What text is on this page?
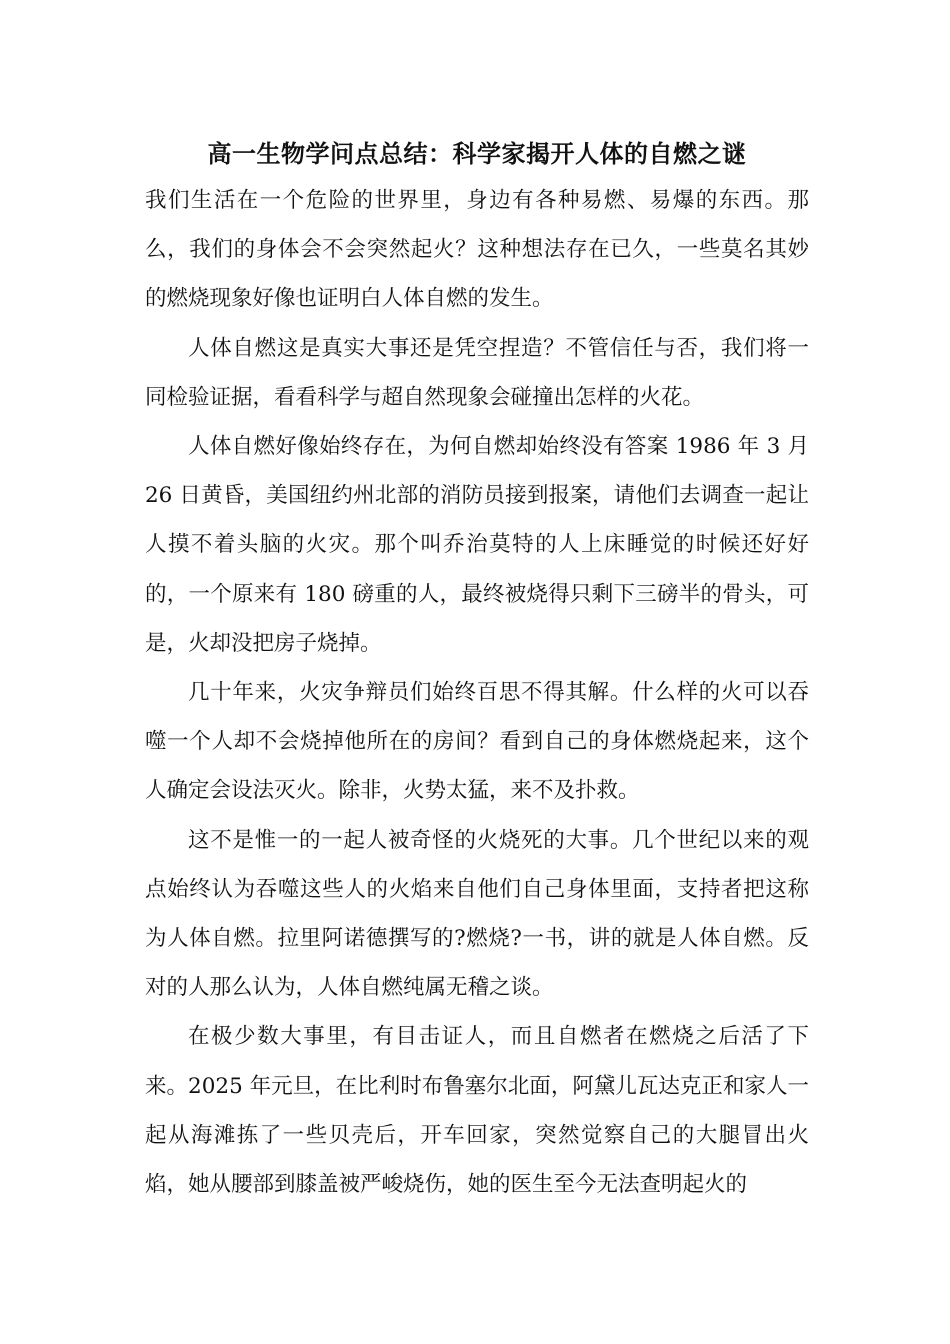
高一生物学问点总结：科学家揭开人体的自燃之谜

我们生活在一个危险的世界里，身边有各种易燃、易爆的东西。那么，我们的身体会不会突然起火？这种想法存在已久，一些莫名其妙的燃烧现象好像也证明白人体自燃的发生。

人体自燃这是真实大事还是凭空捏造？不管信任与否，我们将一同检验证据，看看科学与超自然现象会碰撞出怎样的火花。

人体自燃好像始终存在，为何自燃却始终没有答案 1986 年 3 月 26 日黄昏，美国纽约州北部的消防员接到报案，请他们去调查一起让人摸不着头脑的火灾。那个叫乔治莫特的人上床睡觉的时候还好好的，一个原来有 180 磅重的人，最终被烧得只剩下三磅半的骨头，可是，火却没把房子烧掉。

几十年来，火灾争辩员们始终百思不得其解。什么样的火可以吞噬一个人却不会烧掉他所在的房间？看到自己的身体燃烧起来，这个人确定会设法灭火。除非，火势太猛，来不及扑救。

这不是惟一的一起人被奇怪的火烧死的大事。几个世纪以来的观点始终认为吞噬这些人的火焰来自他们自己身体里面，支持者把这称为人体自燃。拉里阿诺德撰写的?燃烧?一书，讲的就是人体自燃。反对的人那么认为，人体自燃纯属无稽之谈。

在极少数大事里，有目击证人，而且自燃者在燃烧之后活了下来。2025 年元旦，在比利时布鲁塞尔北面，阿黛儿瓦达克正和家人一起从海滩拣了一些贝壳后，开车回家，突然觉察自己的大腿冒出火焰，她从腰部到膝盖被严峻烧伤，她的医生至今无法查明起火的
